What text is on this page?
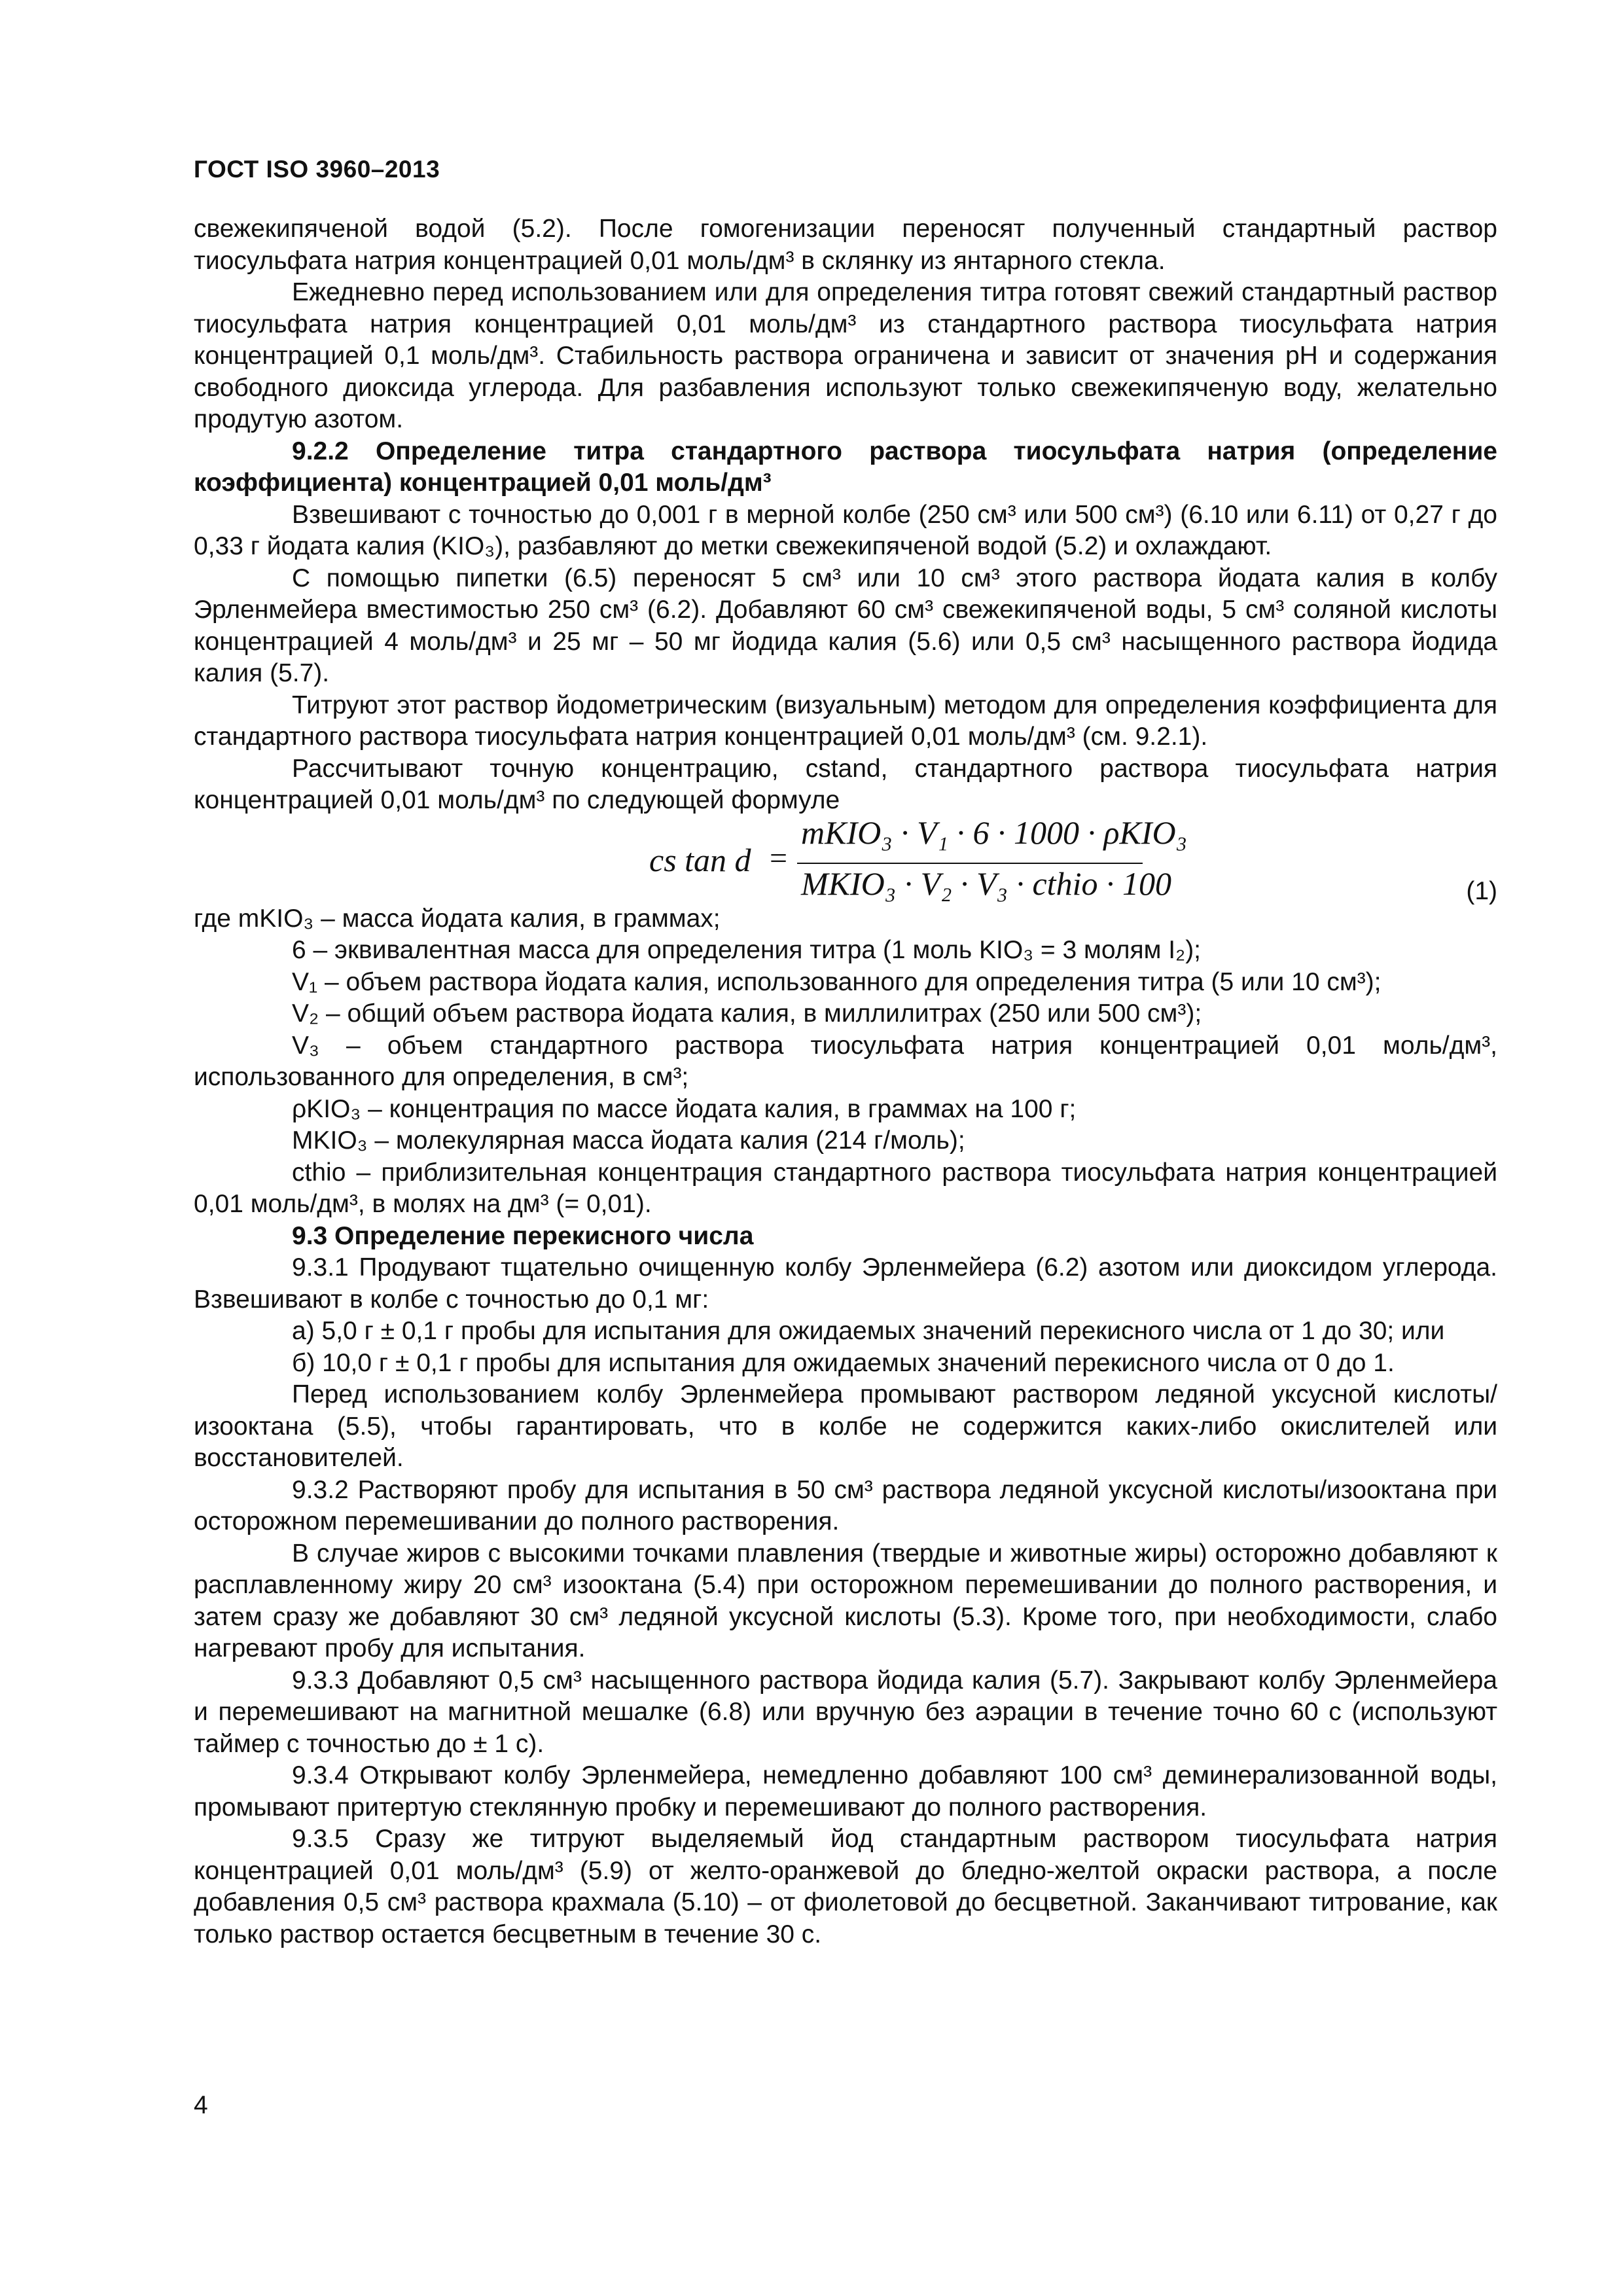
ГОСТ ISO 3960–2013

свежекипяченой водой (5.2). После гомогенизации переносят полученный стандартный раствор тиосульфата натрия концентрацией 0,01 моль/дм³ в склянку из янтарного стекла.

Ежедневно перед использованием или для определения титра готовят свежий стандартный раствор тиосульфата натрия концентрацией 0,01 моль/дм³ из стандартного раствора тиосульфата натрия концентрацией 0,1 моль/дм³. Стабильность раствора ограничена и зависит от значения pH и содержания свободного диоксида углерода. Для разбавления используют только свежекипяченую воду, желательно продутую азотом.

9.2.2 Определение титра стандартного раствора тиосульфата натрия (определение коэффициента) концентрацией 0,01 моль/дм³

Взвешивают с точностью до 0,001 г в мерной колбе (250 см³ или 500 см³) (6.10 или 6.11) от 0,27 г до 0,33 г йодата калия (KIO₃), разбавляют до метки свежекипяченой водой (5.2) и охлаждают.

С помощью пипетки (6.5) переносят 5 см³ или 10 см³ этого раствора йодата калия в колбу Эрленмейера вместимостью 250 см³ (6.2). Добавляют 60 см³ свежекипяченой воды, 5 см³ соляной кислоты концентрацией 4 моль/дм³ и 25 мг – 50 мг йодида калия (5.6) или 0,5 см³ насыщенного раствора йодида калия (5.7).

Титруют этот раствор йодометрическим (визуальным) методом для определения коэффициента для стандартного раствора тиосульфата натрия концентрацией 0,01 моль/дм³ (см. 9.2.1).

Рассчитывают точную концентрацию, cstand, стандартного раствора тиосульфата натрия концентрацией 0,01 моль/дм³ по следующей формуле

cs tan d =
mKIO₃ · V₁ · 6 · 1000 · ρKIO₃
MKIO₃ · V₂ · V₃ · cthio · 100	(1)

где mKIO₃ – масса йодата калия, в граммах;

6 – эквивалентная масса для определения титра (1 моль KIO₃ = 3 молям I₂);

V₁ – объем раствора йодата калия, использованного для определения титра (5 или 10 см³);

V₂ – общий объем раствора йодата калия, в миллилитрах (250 или 500 см³);

V₃ – объем стандартного раствора тиосульфата натрия концентрацией 0,01 моль/дм³, использованного для определения, в см³;

ρKIO₃ – концентрация по массе йодата калия, в граммах на 100 г;

MKIO₃ – молекулярная масса йодата калия (214 г/моль);

cthio – приблизительная концентрация стандартного раствора тиосульфата натрия концентрацией 0,01 моль/дм³, в молях на дм³ (= 0,01).

9.3 Определение перекисного числа

9.3.1 Продувают тщательно очищенную колбу Эрленмейера (6.2) азотом или диоксидом углерода. Взвешивают в колбе с точностью до 0,1 мг:

а) 5,0 г ± 0,1 г пробы для испытания для ожидаемых значений перекисного числа от 1 до 30; или

б) 10,0 г ± 0,1 г пробы для испытания для ожидаемых значений перекисного числа от 0 до 1.

Перед использованием колбу Эрленмейера промывают раствором ледяной уксусной кислоты/изооктана (5.5), чтобы гарантировать, что в колбе не содержится каких-либо окислителей или восстановителей.

9.3.2 Растворяют пробу для испытания в 50 см³ раствора ледяной уксусной кислоты/изооктана при осторожном перемешивании до полного растворения.

В случае жиров с высокими точками плавления (твердые и животные жиры) осторожно добавляют к расплавленному жиру 20 см³ изооктана (5.4) при осторожном перемешивании до полного растворения, и затем сразу же добавляют 30 см³ ледяной уксусной кислоты (5.3). Кроме того, при необходимости, слабо нагревают пробу для испытания.

9.3.3 Добавляют 0,5 см³ насыщенного раствора йодида калия (5.7). Закрывают колбу Эрленмейера и перемешивают на магнитной мешалке (6.8) или вручную без аэрации в течение точно 60 с (используют таймер с точностью до ± 1 с).

9.3.4 Открывают колбу Эрленмейера, немедленно добавляют 100 см³ деминерализованной воды, промывают притертую стеклянную пробку и перемешивают до полного растворения.

9.3.5 Сразу же титруют выделяемый йод стандартным раствором тиосульфата натрия концентрацией 0,01 моль/дм³ (5.9) от желто-оранжевой до бледно-желтой окраски раствора, а после добавления 0,5 см³ раствора крахмала (5.10) – от фиолетовой до бесцветной. Заканчивают титрование, как только раствор остается бесцветным в течение 30 с.

4
